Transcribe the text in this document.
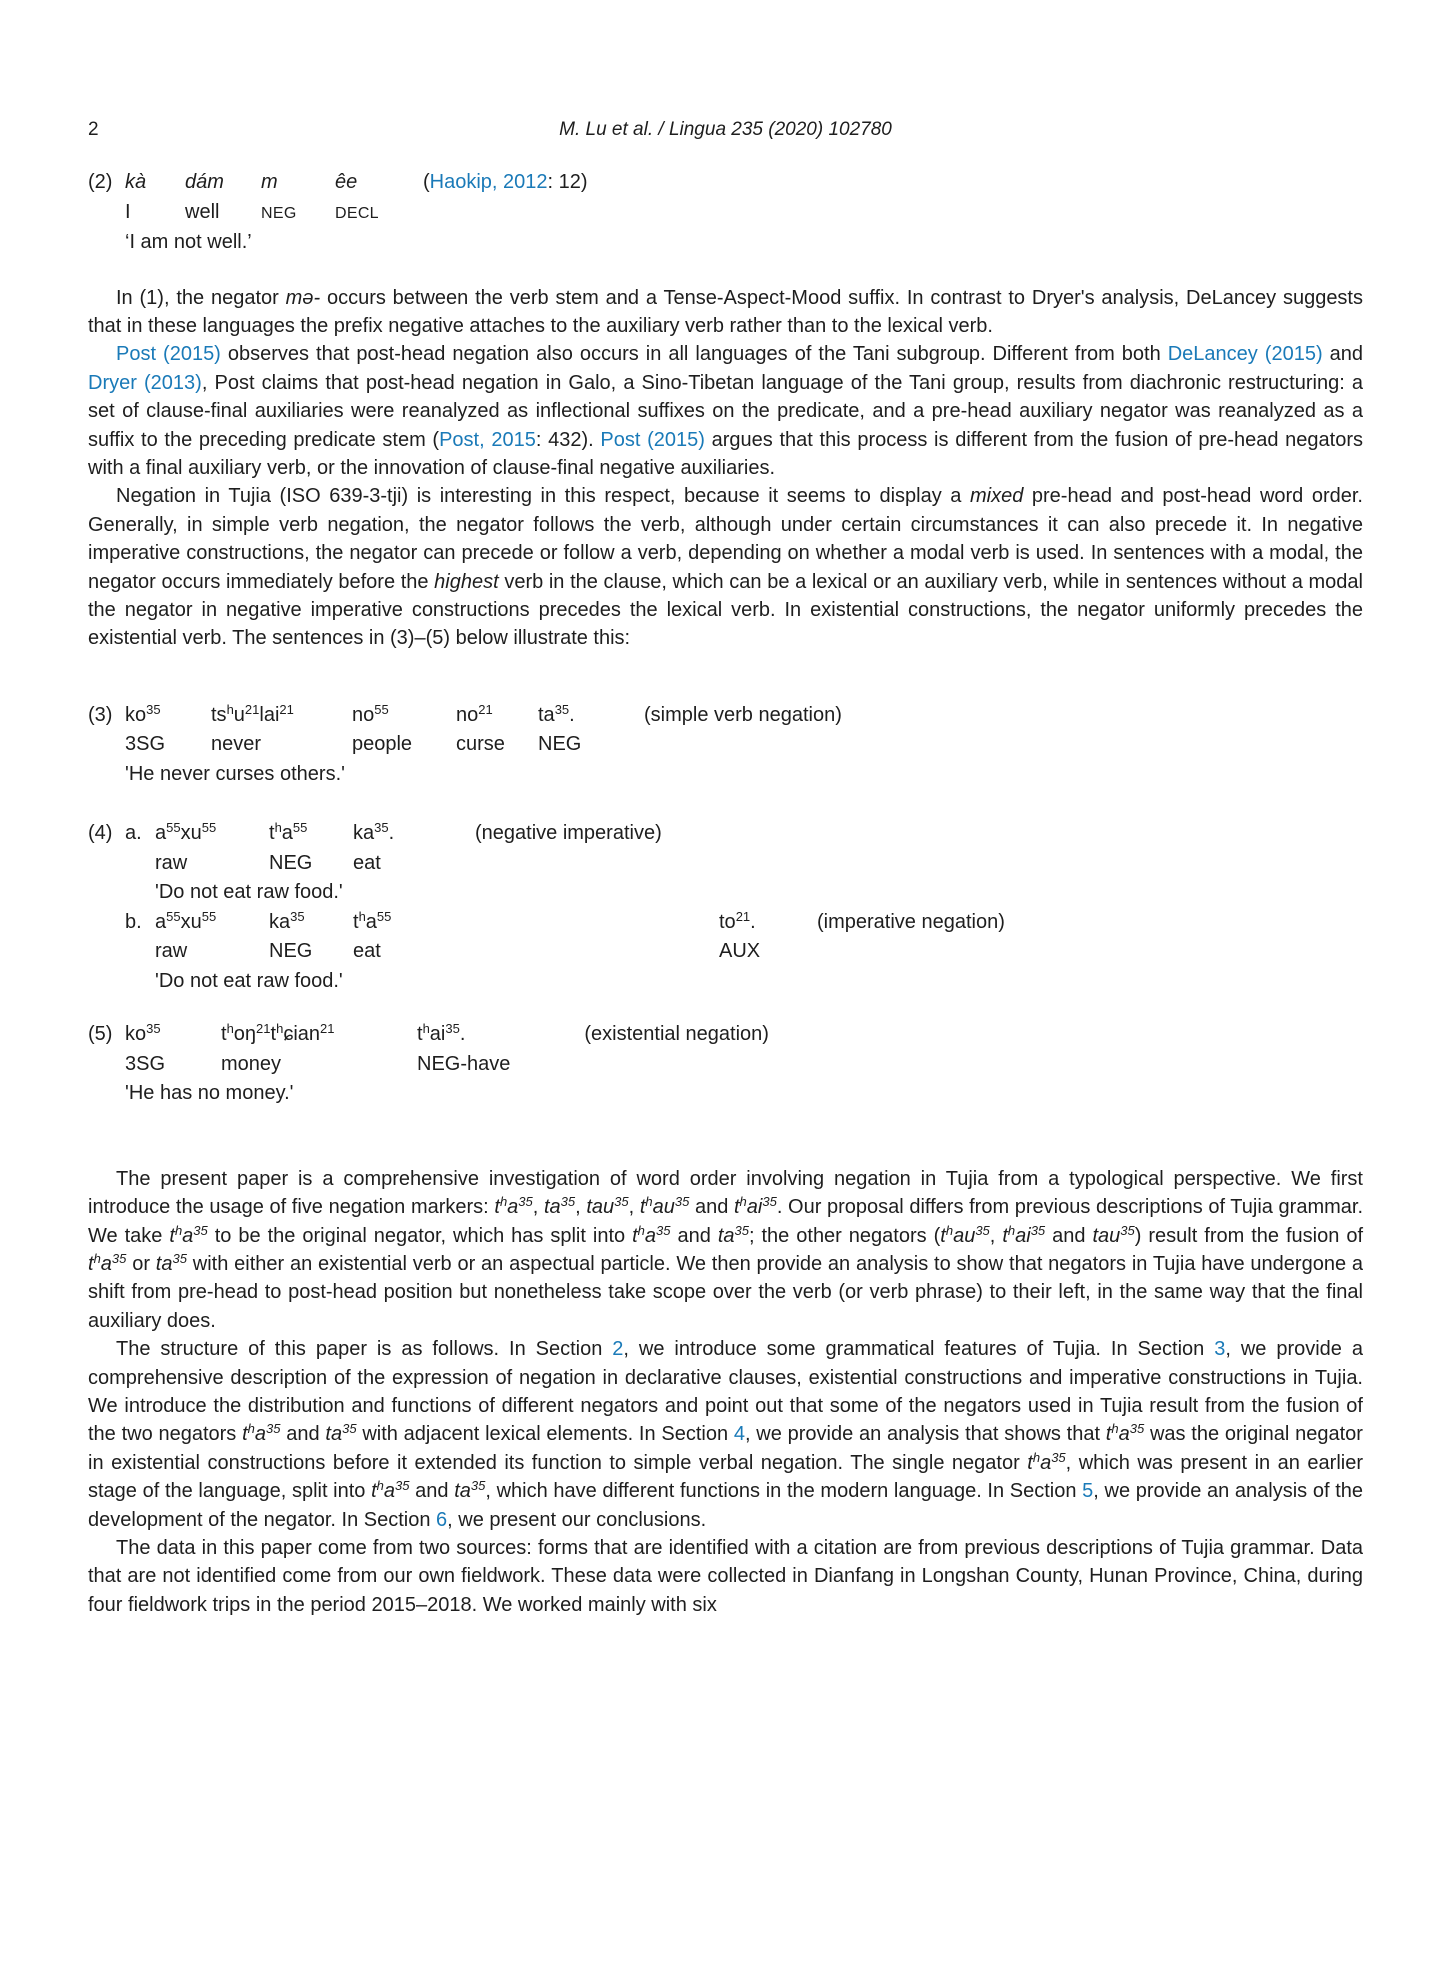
2	M. Lu et al. / Lingua 235 (2020) 102780
(2) kà	dám	m	êe	(Haokip, 2012: 12)
I	well	NEG	DECL	
‘I am not well.’

In (1), the negator mə- occurs between the verb stem and a Tense-Aspect-Mood suffix. In contrast to Dryer's analysis, DeLancey suggests that in these languages the prefix negative attaches to the auxiliary verb rather than to the lexical verb.

Post (2015) observes that post-head negation also occurs in all languages of the Tani subgroup. Different from both DeLancey (2015) and Dryer (2013), Post claims that post-head negation in Galo, a Sino-Tibetan language of the Tani group, results from diachronic restructuring: a set of clause-final auxiliaries were reanalyzed as inflectional suffixes on the predicate, and a pre-head auxiliary negator was reanalyzed as a suffix to the preceding predicate stem (Post, 2015: 432). Post (2015) argues that this process is different from the fusion of pre-head negators with a final auxiliary verb, or the innovation of clause-final negative auxiliaries.

Negation in Tujia (ISO 639-3-tji) is interesting in this respect, because it seems to display a mixed pre-head and post-head word order. Generally, in simple verb negation, the negator follows the verb, although under certain circumstances it can also precede it. In negative imperative constructions, the negator can precede or follow a verb, depending on whether a modal verb is used. In sentences with a modal, the negator occurs immediately before the highest verb in the clause, which can be a lexical or an auxiliary verb, while in sentences without a modal the negator in negative imperative constructions precedes the lexical verb. In existential constructions, the negator uniformly precedes the existential verb. The sentences in (3)–(5) below illustrate this:

(3) $ko^{35}$	$ts^hu^{21}lai^{21}$	$no^{55}$	$no^{21}$	$ta^{35}$.	(simple verb negation)
3SG	never	people	curse	NEG	
'He never curses others.'
(4) a. $a^{55}xu^{55}$	$t^ha^{55}$	$ka^{35}$.	(negative imperative)
raw	NEG	eat	
'Do not eat raw food.'
b. $a^{55}xu^{55}$	$ka^{35}$	$t^ha^{55}$	$to^{21}$.	(imperative negation)
raw	NEG	eat	AUX	
'Do not eat raw food.'
(5) $ko^{35}$	$t^hoŋ^{21}t^hɕian^{21}$	$t^hai^{35}$.	(existential negation)
3SG	money	NEG-have	
'He has no money.'

The present paper is a comprehensive investigation of word order involving negation in Tujia from a typological perspective. We first introduce the usage of five negation markers: $t^ha^{35}$, $ta^{35}$, tau$^{35}$, $t^hau^{35}$ and $t^hai^{35}$. Our proposal differs from previous descriptions of Tujia grammar. We take $t^ha^{35}$ to be the original negator, which has split into $t^ha^{35}$ and $ta^{35}$; the other negators ($t^hau^{35}$, $t^hai^{35}$ and tau$^{35}$) result from the fusion of $t^ha^{35}$ or $ta^{35}$ with either an existential verb or an aspectual particle. We then provide an analysis to show that negators in Tujia have undergone a shift from pre-head to post-head position but nonetheless take scope over the verb (or verb phrase) to their left, in the same way that the final auxiliary does.

The structure of this paper is as follows. In Section 2, we introduce some grammatical features of Tujia. In Section 3, we provide a comprehensive description of the expression of negation in declarative clauses, existential constructions and imperative constructions in Tujia. We introduce the distribution and functions of different negators and point out that some of the negators used in Tujia result from the fusion of the two negators $t^ha^{35}$ and $ta^{35}$ with adjacent lexical elements. In Section 4, we provide an analysis that shows that $t^ha^{35}$ was the original negator in existential constructions before it extended its function to simple verbal negation. The single negator $t^ha^{35}$, which was present in an earlier stage of the language, split into $t^ha^{35}$ and $ta^{35}$, which have different functions in the modern language. In Section 5, we provide an analysis of the development of the negator. In Section 6, we present our conclusions.

The data in this paper come from two sources: forms that are identified with a citation are from previous descriptions of Tujia grammar. Data that are not identified come from our own fieldwork. These data were collected in Dianfang in Longshan County, Hunan Province, China, during four fieldwork trips in the period 2015–2018. We worked mainly with six
